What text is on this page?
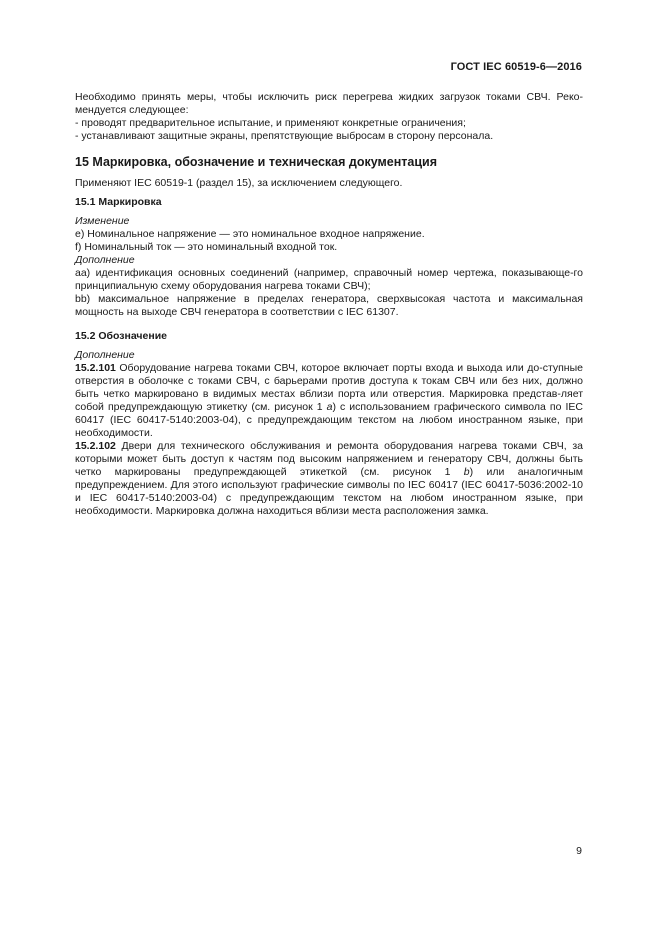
ГОСТ IEC 60519-6—2016

Необходимо принять меры, чтобы исключить риск перегрева жидких загрузок токами СВЧ. Реко-мендуется следующее:

- проводят предварительное испытание, и применяют конкретные ограничения;

- устанавливают защитные экраны, препятствующие выбросам в сторону персонала.

15 Маркировка, обозначение и техническая документация

Применяют IEC 60519-1 (раздел 15), за исключением следующего.

15.1 Маркировка

Изменение

e) Номинальное напряжение — это номинальное входное напряжение.

f) Номинальный ток — это номинальный входной ток.

Дополнение

аа) идентификация основных соединений (например, справочный номер чертежа, показывающе-го принципиальную схему оборудования нагрева токами СВЧ);

bb) максимальное напряжение в пределах генератора, сверхвысокая частота и максимальная мощность на выходе СВЧ генератора в соответствии с IEC 61307.

15.2 Обозначение

Дополнение

15.2.101 Оборудование нагрева токами СВЧ, которое включает порты входа и выхода или до-ступные отверстия в оболочке с токами СВЧ, с барьерами против доступа к токам СВЧ или без них, должно быть четко маркировано в видимых местах вблизи порта или отверстия. Маркировка представ-ляет собой предупреждающую этикетку (см. рисунок 1 а) с использованием графического символа по IEC 60417 (IEC 60417-5140:2003-04), с предупреждающим текстом на любом иностранном языке, при необходимости.

15.2.102 Двери для технического обслуживания и ремонта оборудования нагрева токами СВЧ, за которыми может быть доступ к частям под высоким напряжением и генератору СВЧ, должны быть четко маркированы предупреждающей этикеткой (см. рисунок 1 b) или аналогичным предупреждением. Для этого используют графические символы по IEC 60417 (IEC 60417-5036:2002-10 и IEC 60417-5140:2003-04) с предупреждающим текстом на любом иностранном языке, при необходимости. Маркировка должна находиться вблизи места расположения замка.

9
